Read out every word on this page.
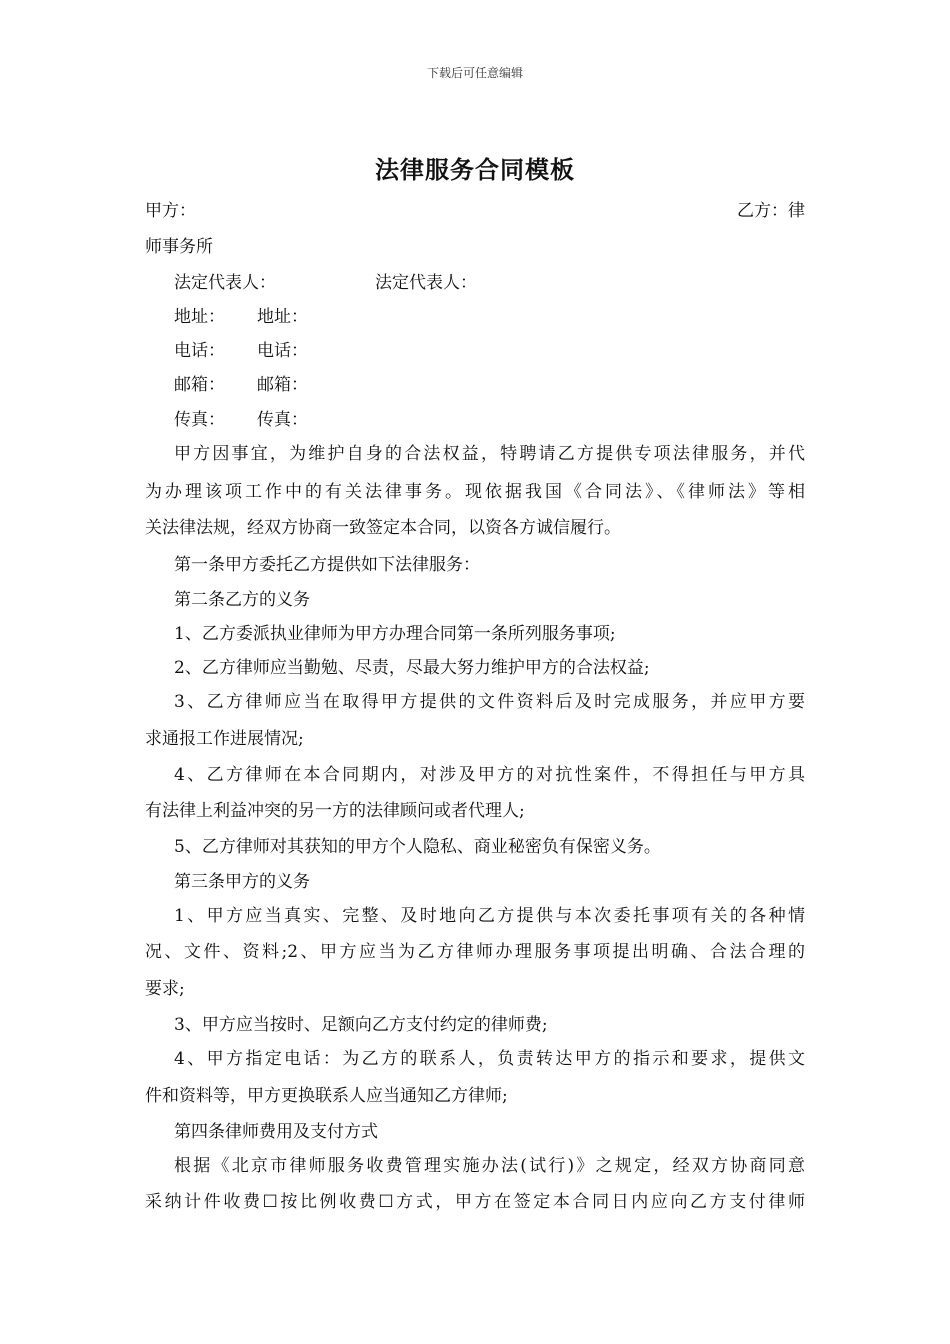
下载后可任意编辑
法律服务合同模板
甲方：	乙方：律
师事务所
法定代表人：	法定代表人：
地址： 地址：
电话： 电话：
邮箱： 邮箱：
传真： 传真：
甲方因事宜，为维护自身的合法权益，特聘请乙方提供专项法律服务，并代
为办理该项工作中的有关法律事务。现依据我国《合同法》、《律师法》等相
关法律法规，经双方协商一致签定本合同，以资各方诚信履行。
第一条甲方委托乙方提供如下法律服务：
第二条乙方的义务
1、乙方委派执业律师为甲方办理合同第一条所列服务事项;
2、乙方律师应当勤勉、尽责，尽最大努力维护甲方的合法权益;
3、乙方律师应当在取得甲方提供的文件资料后及时完成服务，并应甲方要
求通报工作进展情况;
4、乙方律师在本合同期内，对涉及甲方的对抗性案件，不得担任与甲方具
有法律上利益冲突的另一方的法律顾问或者代理人;
5、乙方律师对其获知的甲方个人隐私、商业秘密负有保密义务。
第三条甲方的义务
1、甲方应当真实、完整、及时地向乙方提供与本次委托事项有关的各种情
况、文件、资料;2、甲方应当为乙方律师办理服务事项提出明确、合法合理的
要求;
3、甲方应当按时、足额向乙方支付约定的律师费;
4、甲方指定电话：为乙方的联系人，负责转达甲方的指示和要求，提供文
件和资料等，甲方更换联系人应当通知乙方律师;
第四条律师费用及支付方式
根据《北京市律师服务收费管理实施办法(试行)》之规定，经双方协商同意
采纳计件收费☐按比例收费☐方式，甲方在签定本合同日内应向乙方支付律师
